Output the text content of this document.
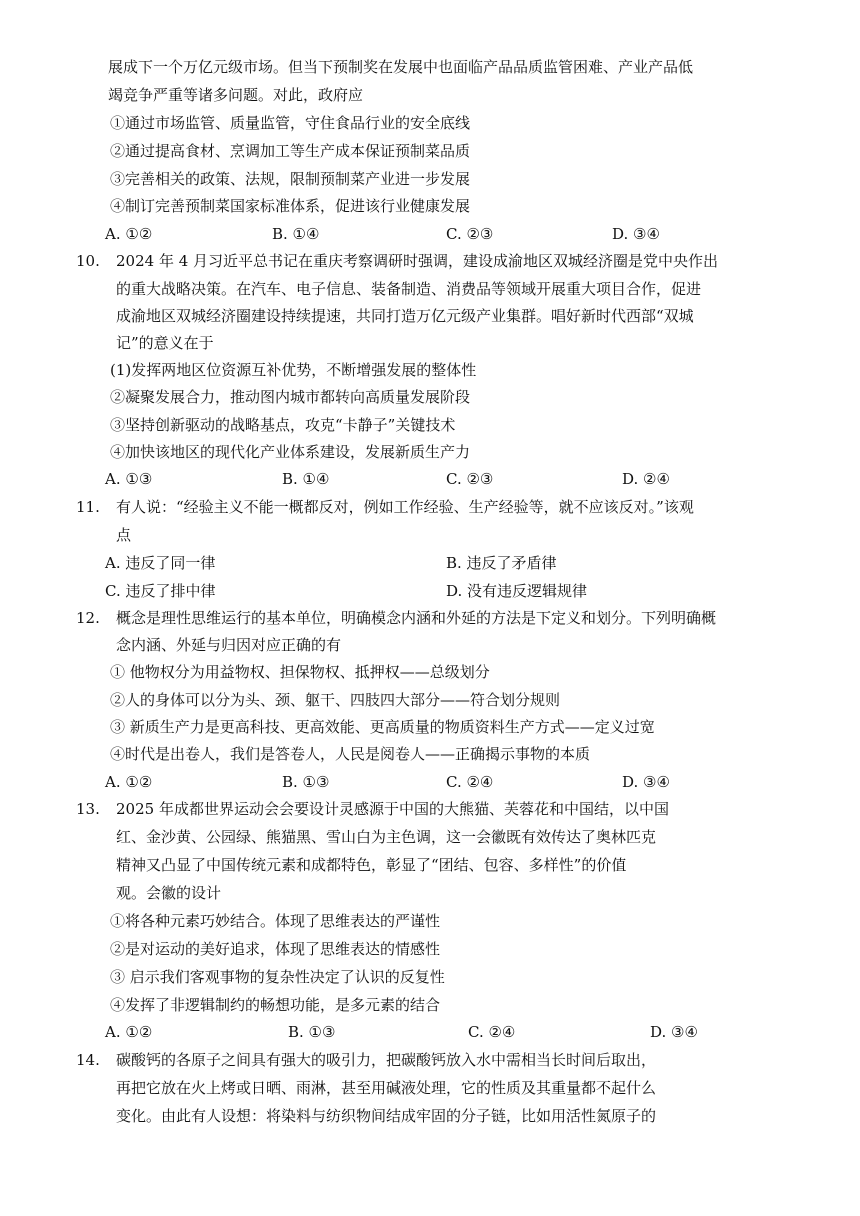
展成下一个万亿元级市场。但当下预制奖在发展中也面临产品品质监管困难、产业产品低
竭竞争严重等诸多问题。对此，政府应
①通过市场监管、质量监管，守住食品行业的安全底线
②通过提高食材、烹调加工等生产成本保证预制菜品质
③完善相关的政策、法规，限制预制菜产业进一步发展
④制订完善预制菜国家标准体系，促进该行业健康发展
A. ①②	B. ①④	C. ②③	D. ③④
10. 2024 年 4 月习近平总书记在重庆考察调研时强调，建设成渝地区双城经济圈是党中央作出
的重大战略决策。在汽车、电子信息、装备制造、消费品等领域开展重大项目合作，促进
成渝地区双城经济圈建设持续提速，共同打造万亿元级产业集群。唱好新时代西部“双城
记”的意义在于
(1)发挥两地区位资源互补优势，不断增强发展的整体性
②凝聚发展合力，推动图内城市都转向高质量发展阶段
③坚持创新驱动的战略基点，攻克“卡静子”关键技术
④加快该地区的现代化产业体系建设，发展新质生产力
A. ①③	B. ①④	C. ②③	D. ②④
11. 有人说：“经验主义不能一概都反对，例如工作经验、生产经验等，就不应该反对。”该观
点
A. 违反了同一律	B. 违反了矛盾律
C. 违反了排中律	D. 没有违反逻辑规律
12. 概念是理性思维运行的基本单位，明确模念内涵和外延的方法是下定义和划分。下列明确概
念内涵、外延与归因对应正确的有
① 他物权分为用益物权、担保物权、抵押权——总级划分
②人的身体可以分为头、颈、躯干、四肢四大部分——符合划分规则
③ 新质生产力是更高科技、更高效能、更高质量的物质资料生产方式——定义过宽
④时代是出卷人，我们是答卷人，人民是阅卷人——正确揭示事物的本质
A. ①②	B. ①③	C. ②④	D. ③④
13. 2025 年成都世界运动会会要设计灵感源于中国的大熊猫、芙蓉花和中国结，以中国
红、金沙黄、公园绿、熊猫黑、雪山白为主色调，这一会徽既有效传达了奥林匹克
精神又凸显了中国传统元素和成都特色，彰显了“团结、包容、多样性”的价值
观。会徽的设计
①将各种元素巧妙结合。体现了思维表达的严谨性
②是对运动的美好追求，体现了思维表达的情感性
③ 启示我们客观事物的复杂性决定了认识的反复性
④发挥了非逻辑制约的畅想功能，是多元素的结合
A. ①②	B. ①③	C. ②④	D. ③④
14. 碳酸钙的各原子之间具有强大的吸引力，把碳酸钙放入水中需相当长时间后取出，
再把它放在火上烤或日晒、雨淋，甚至用碱液处理，它的性质及其重量都不起什么
变化。由此有人设想：将染料与纺织物间结成牢固的分子链，比如用活性氮原子的
